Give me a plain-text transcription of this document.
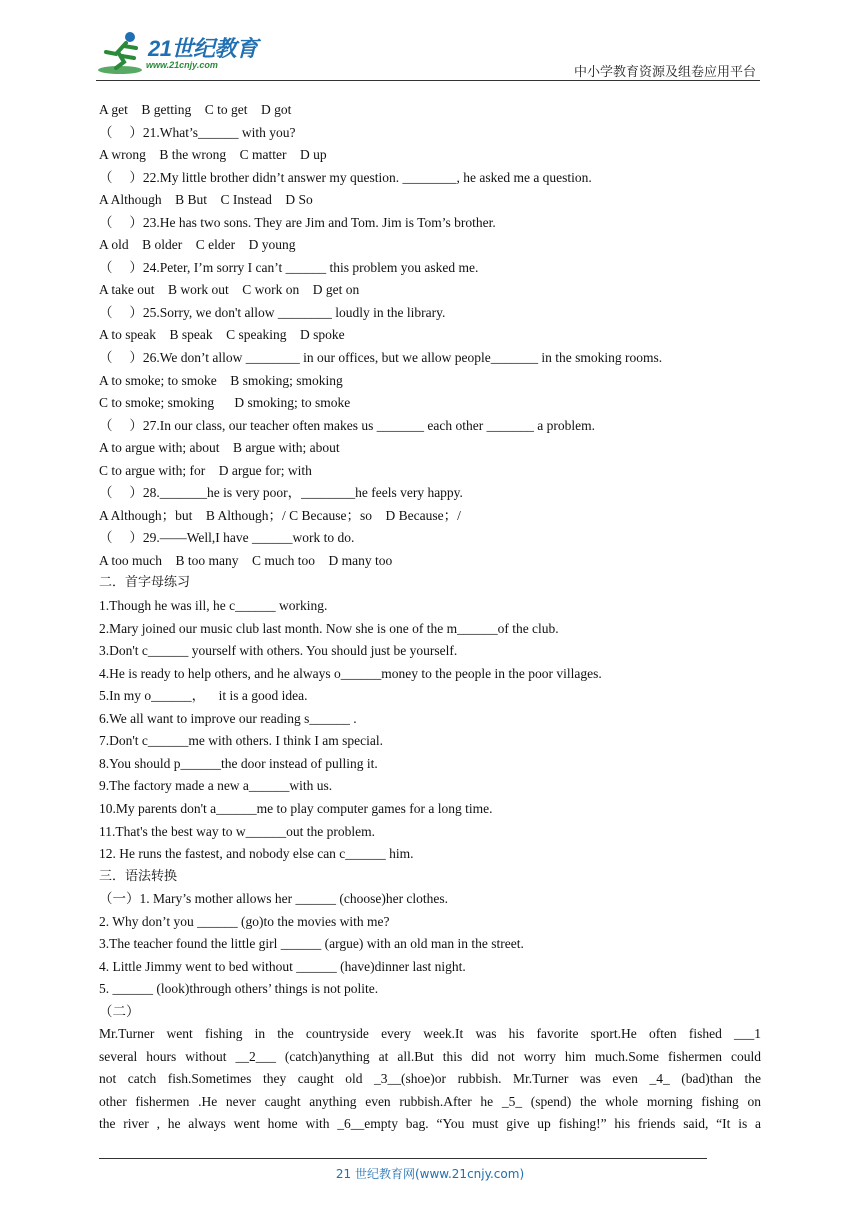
21世纪教育
www.21cnjy.com	中小学教育资源及组卷应用平台
A get    B getting    C to get    D got
（     ）21.What’s______ with you?
A wrong    B the wrong    C matter    D up
（     ）22.My little brother didn’t answer my question. ________, he asked me a question.
A Although    B But    C Instead    D So
（     ）23.He has two sons. They are Jim and Tom. Jim is Tom’s brother.
A old    B older    C elder    D young
（     ）24.Peter, I’m sorry I can’t ______ this problem you asked me.
A take out    B work out    C work on    D get on
（     ）25.Sorry, we don't allow ________ loudly in the library.
A to speak    B speak    C speaking    D spoke
（     ）26.We don’t allow ________ in our offices, but we allow people_______ in the smoking rooms.
A to smoke; to smoke    B smoking; smoking
C to smoke; smoking      D smoking; to smoke
（     ）27.In our class, our teacher often makes us _______ each other _______ a problem.
A to argue with; about    B argue with; about
C to argue with; for    D argue for; with
（     ）28._______he is very poor，________he feels very happy.
A Although；but    B Although；/ C Because；so    D Because；/
（     ）29.——Well,I have ______work to do.
A too much    B too many    C much too    D many too
二．首字母练习
1.Though he was ill, he c______ working.
2.Mary joined our music club last month. Now she is one of the m______of the club.
3.Don't c______ yourself with others. You should just be yourself.
4.He is ready to help others, and he always o______money to the people in the poor villages.
5.In my o______，    it is a good idea.
6.We all want to improve our reading s______ .
7.Don't c______me with others. I think I am special.
8.You should p______the door instead of pulling it.
9.The factory made a new a______with us.
10.My parents don't a______me to play computer games for a long time.
11.That's the best way to w______out the problem.
12. He runs the fastest, and nobody else can c______ him.
三．语法转换
（一）1. Mary’s mother allows her ______ (choose)her clothes.
2. Why don’t you ______ (go)to the movies with me?
3.The teacher found the little girl ______ (argue) with an old man in the street.
4. Little Jimmy went to bed without ______ (have)dinner last night.
5. ______ (look)through others’ things is not polite.
（二）
Mr.Turner went fishing in the countryside every week.It was his favorite sport.He often fished ___1
several hours without __2___ (catch)anything at all.But this did not worry him much.Some fishermen could
not catch fish.Sometimes they caught old _3__(shoe)or rubbish. Mr.Turner was even _4_ (bad)than the
other fishermen .He never caught anything even rubbish.After he _5_ (spend) the whole morning fishing on
the river , he always went home with _6__empty bag. “You must give up fishing!” his friends said, “It is a
21 世纪教育网(www.21cnjy.com)
